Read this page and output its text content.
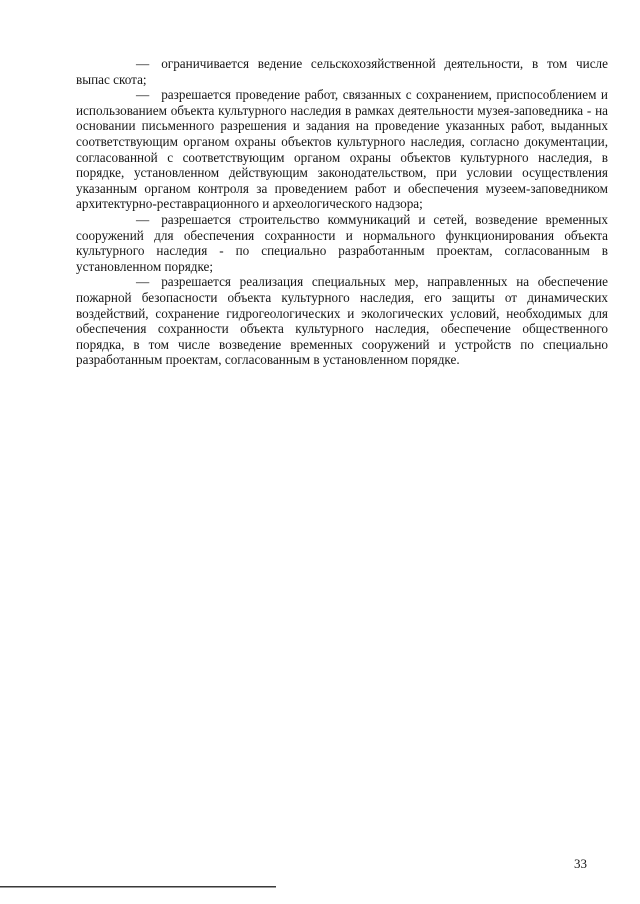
— ограничивается ведение сельскохозяйственной деятельности, в том числе выпас скота;

— разрешается проведение работ, связанных с сохранением, приспособлением и использованием объекта культурного наследия в рамках деятельности музея-заповедника - на основании письменного разрешения и задания на проведение указанных работ, выданных соответствующим органом охраны объектов культурного наследия, согласно документации, согласованной с соответствующим органом охраны объектов культурного наследия, в порядке, установленном действующим законодательством, при условии осуществления указанным органом контроля за проведением работ и обеспечения музеем-заповедником архитектурно-реставрационного и археологического надзора;

— разрешается строительство коммуникаций и сетей, возведение временных сооружений для обеспечения сохранности и нормального функционирования объекта культурного наследия - по специально разработанным проектам, согласованным в установленном порядке;

— разрешается реализация специальных мер, направленных на обеспечение пожарной безопасности объекта культурного наследия, его защиты от динамических воздействий, сохранение гидрогеологических и экологических условий, необходимых для обеспечения сохранности объекта культурного наследия, обеспечение общественного порядка, в том числе возведение временных сооружений и устройств по специально разработанным проектам, согласованным в установленном порядке.

33
